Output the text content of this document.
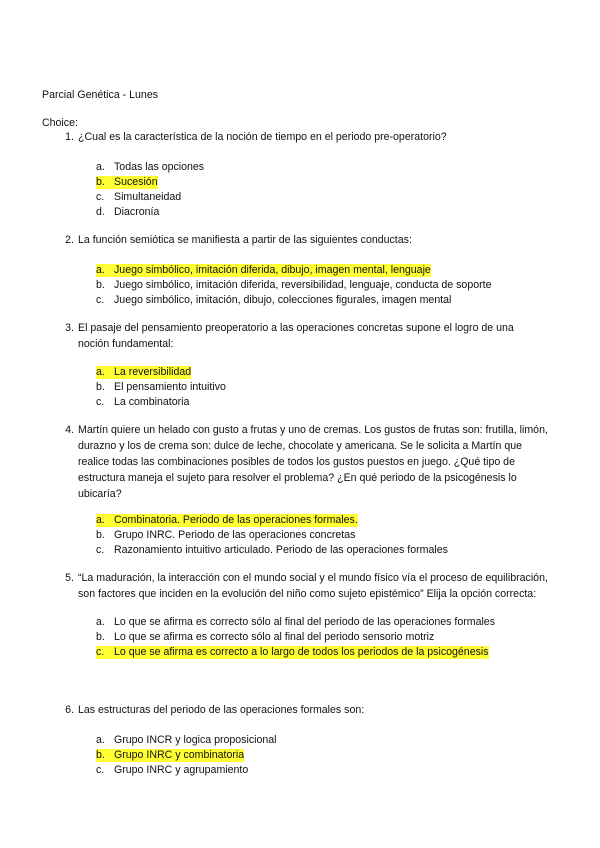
Parcial Genética - Lunes
Choice:
1. ¿Cual es la característica de la noción de tiempo en el periodo pre-operatorio?
a. Todas las opciones
b. Sucesión
c. Simultaneidad
d. Diacronía
2. La función semiótica se manifiesta a partir de las siguientes conductas:
a. Juego simbólico, imitación diferida, dibujo, imagen mental, lenguaje
b. Juego simbólico, imitación diferida, reversibilidad, lenguaje, conducta de soporte
c. Juego simbólico, imitación, dibujo, colecciones figurales, imagen mental
3. El pasaje del pensamiento preoperatorio a las operaciones concretas supone el logro de una
noción fundamental:
a. La reversibilidad
b. El pensamiento intuitivo
c. La combinatoria
4. Martín quiere un helado con gusto a frutas y uno de cremas. Los gustos de frutas son: frutilla, limón,
durazno y los de crema son: dulce de leche, chocolate y americana. Se le solicita a Martín que
realice todas las combinaciones posibles de todos los gustos puestos en juego. ¿Qué tipo de
estructura maneja el sujeto para resolver el problema? ¿En qué periodo de la psicogénesis lo
ubicaría?
a. Combinatoria. Periodo de las operaciones formales.
b. Grupo INRC. Periodo de las operaciones concretas
c. Razonamiento intuitivo articulado. Periodo de las operaciones formales
5. “La maduración, la interacción con el mundo social y el mundo físico vía el proceso de equilibración,
son factores que inciden en la evolución del niño como sujeto epistémico” Elija la opción correcta:
a. Lo que se afirma es correcto sólo al final del periodo de las operaciones formales
b. Lo que se afirma es correcto sólo al final del periodo sensorio motriz
c. Lo que se afirma es correcto a lo largo de todos los periodos de la psicogénesis
6. Las estructuras del periodo de las operaciones formales son:
a. Grupo INCR y logica proposicional
b. Grupo INRC y combinatoria
c. Grupo INRC y agrupamiento
